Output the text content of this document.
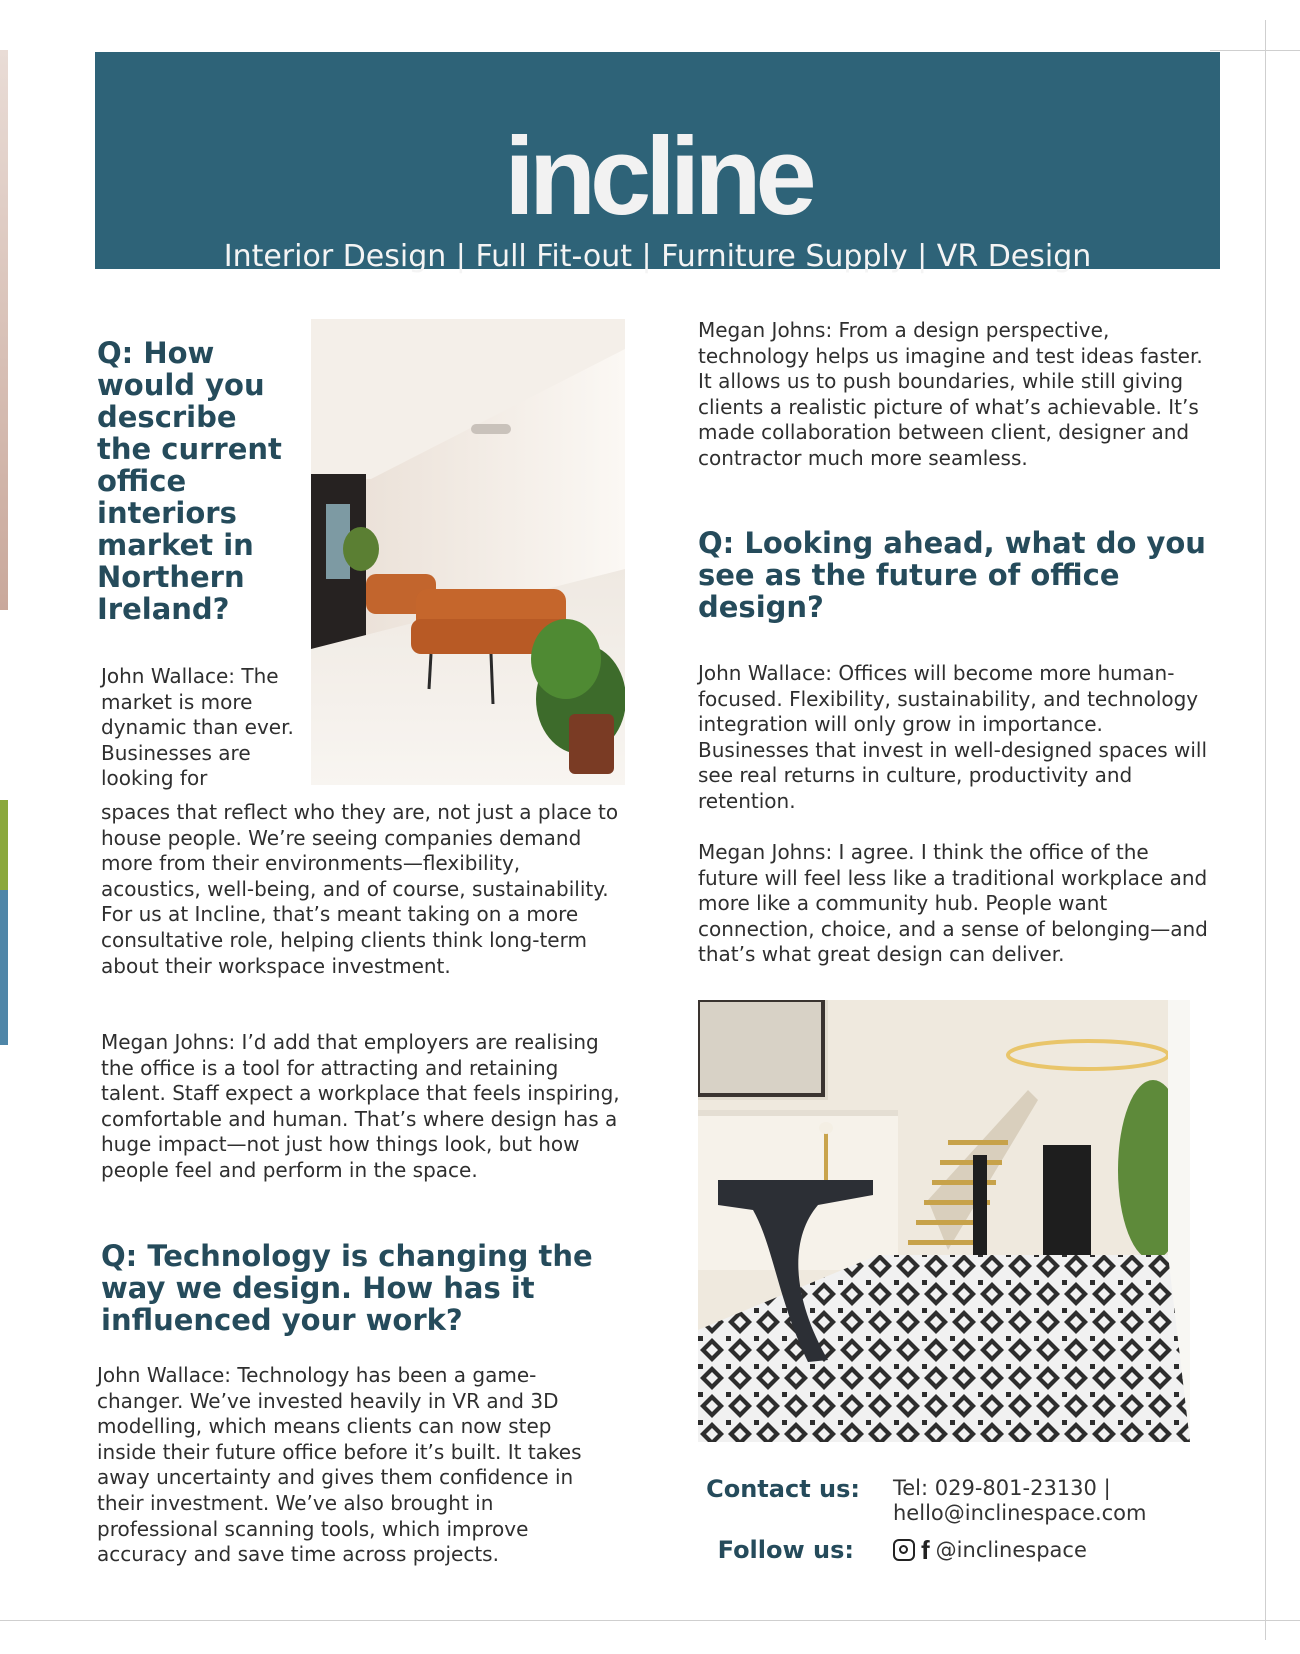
incline
Interior Design | Full Fit-out | Furniture Supply | VR Design
Q: How would you describe the current office interiors market in Northern Ireland?

John Wallace: The market is more dynamic than ever. Businesses are looking for

spaces that reflect who they are, not just a place to house people. We’re seeing companies demand more from their environments—flexibility, acoustics, well-being, and of course, sustainability. For us at Incline, that’s meant taking on a more consultative role, helping clients think long-term about their workspace investment.

Megan Johns: I’d add that employers are realising the office is a tool for attracting and retaining talent. Staff expect a workplace that feels inspiring, comfortable and human. That’s where design has a huge impact—not just how things look, but how people feel and perform in the space.

Q: Technology is changing the way we design. How has it influenced your work?

John Wallace: Technology has been a game-changer. We’ve invested heavily in VR and 3D modelling, which means clients can now step inside their future office before it’s built. It takes away uncertainty and gives them confidence in their investment. We’ve also brought in professional scanning tools, which improve accuracy and save time across projects.

Megan Johns: From a design perspective, technology helps us imagine and test ideas faster. It allows us to push boundaries, while still giving clients a realistic picture of what’s achievable. It’s made collaboration between client, designer and contractor much more seamless.

Q: Looking ahead, what do you see as the future of office design?

John Wallace: Offices will become more human-focused. Flexibility, sustainability, and technology integration will only grow in importance. Businesses that invest in well-designed spaces will see real returns in culture, productivity and retention.

Megan Johns: I agree. I think the office of the future will feel less like a traditional workplace and more like a community hub. People want connection, choice, and a sense of belonging—and that’s what great design can deliver.

Contact us: Tel: 029-801-23130 | hello@inclinespace.com
Follow us:	f @inclinespace
